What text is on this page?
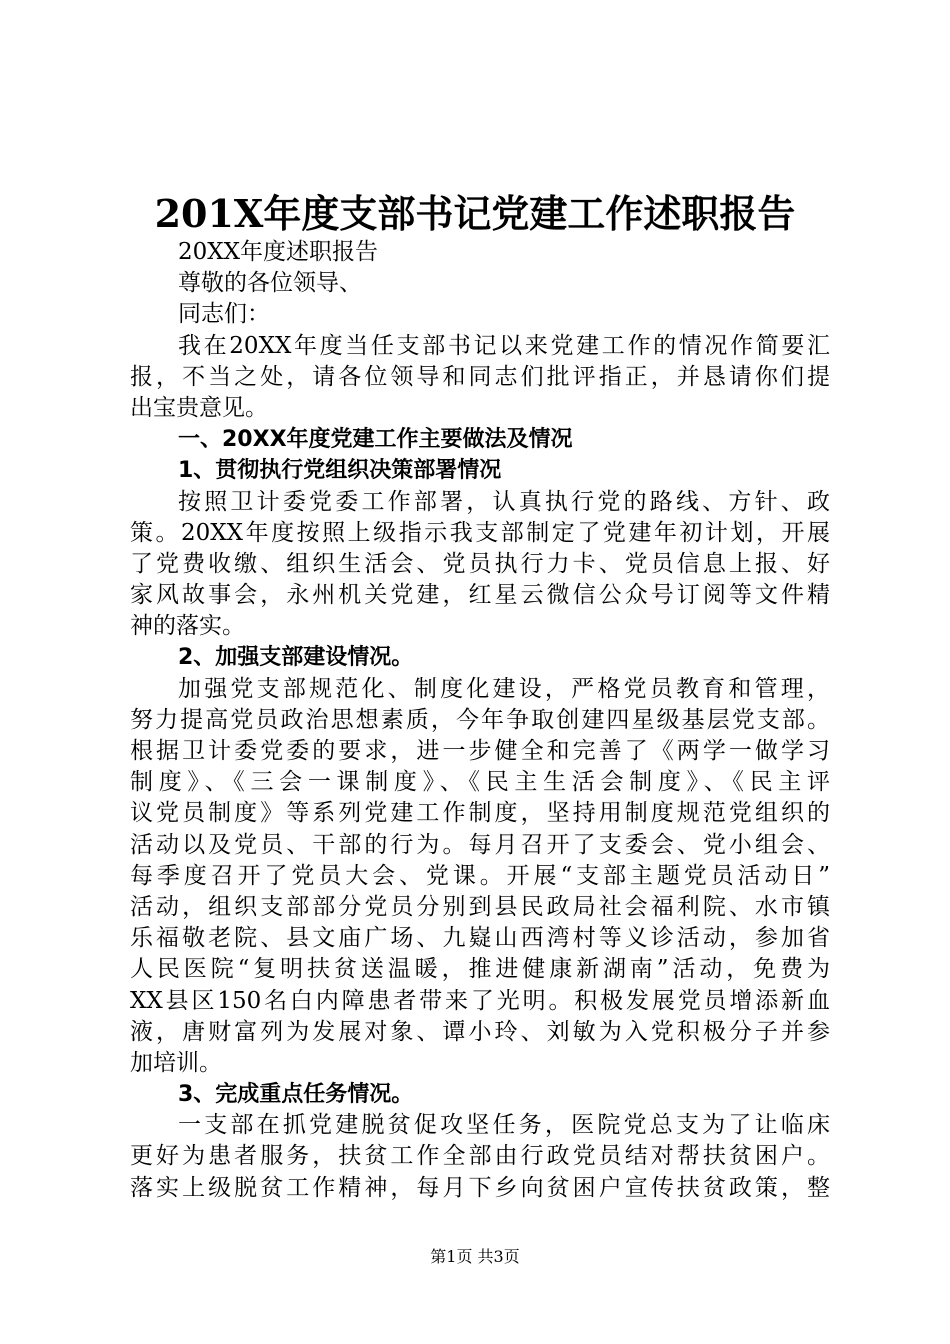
201X年度支部书记党建工作述职报告
20XX年度述职报告
尊敬的各位领导、
同志们：
我在20XX年度当任支部书记以来党建工作的情况作简要汇
报，不当之处，请各位领导和同志们批评指正，并恳请你们提
出宝贵意见。
一、20XX年度党建工作主要做法及情况
1、贯彻执行党组织决策部署情况
按照卫计委党委工作部署，认真执行党的路线、方针、政
策。20XX年度按照上级指示我支部制定了党建年初计划，开展
了党费收缴、组织生活会、党员执行力卡、党员信息上报、好
家风故事会，永州机关党建，红星云微信公众号订阅等文件精
神的落实。
2、加强支部建设情况。
加强党支部规范化、制度化建设，严格党员教育和管理，
努力提高党员政治思想素质，今年争取创建四星级基层党支部。
根据卫计委党委的要求，进一步健全和完善了《两学一做学习
制度》、《三会一课制度》、《民主生活会制度》、《民主评
议党员制度》等系列党建工作制度，坚持用制度规范党组织的
活动以及党员、干部的行为。每月召开了支委会、党小组会、
每季度召开了党员大会、党课。开展“支部主题党员活动日”
活动，组织支部部分党员分别到县民政局社会福利院、水市镇
乐福敬老院、县文庙广场、九嶷山西湾村等义诊活动，参加省
人民医院“复明扶贫送温暖，推进健康新湖南”活动，免费为
XX县区150名白内障患者带来了光明。积极发展党员增添新血
液，唐财富列为发展对象、谭小玲、刘敏为入党积极分子并参
加培训。
3、完成重点任务情况。
一支部在抓党建脱贫促攻坚任务，医院党总支为了让临床
更好为患者服务，扶贫工作全部由行政党员结对帮扶贫困户。
落实上级脱贫工作精神，每月下乡向贫困户宣传扶贫政策，整
第1页 共3页
